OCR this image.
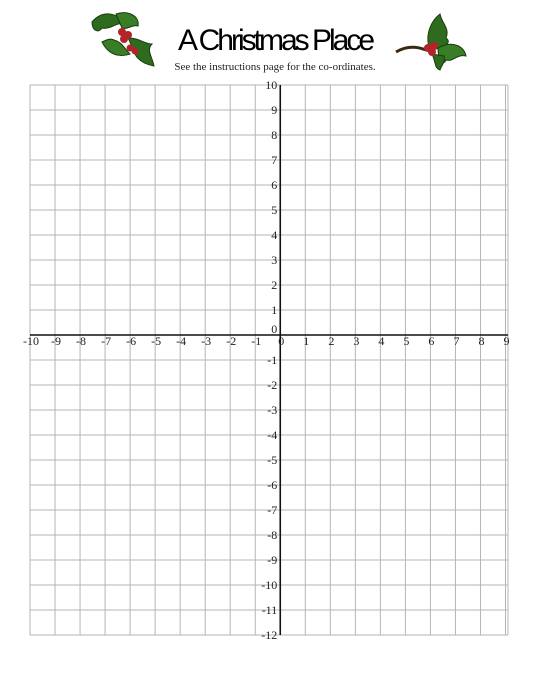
A Christmas Place
See the instructions page for the co-ordinates.
-10 -9 -8 -7 -6 -5 -4 -3 -2 -1 0 1 2 3 4 5 6 7 8 9
10
9
8
7
6
5
4
3
2
1
-1
-2
-3
-4
-5
-6
-7
-8
-9
-10
-11
-12
0
